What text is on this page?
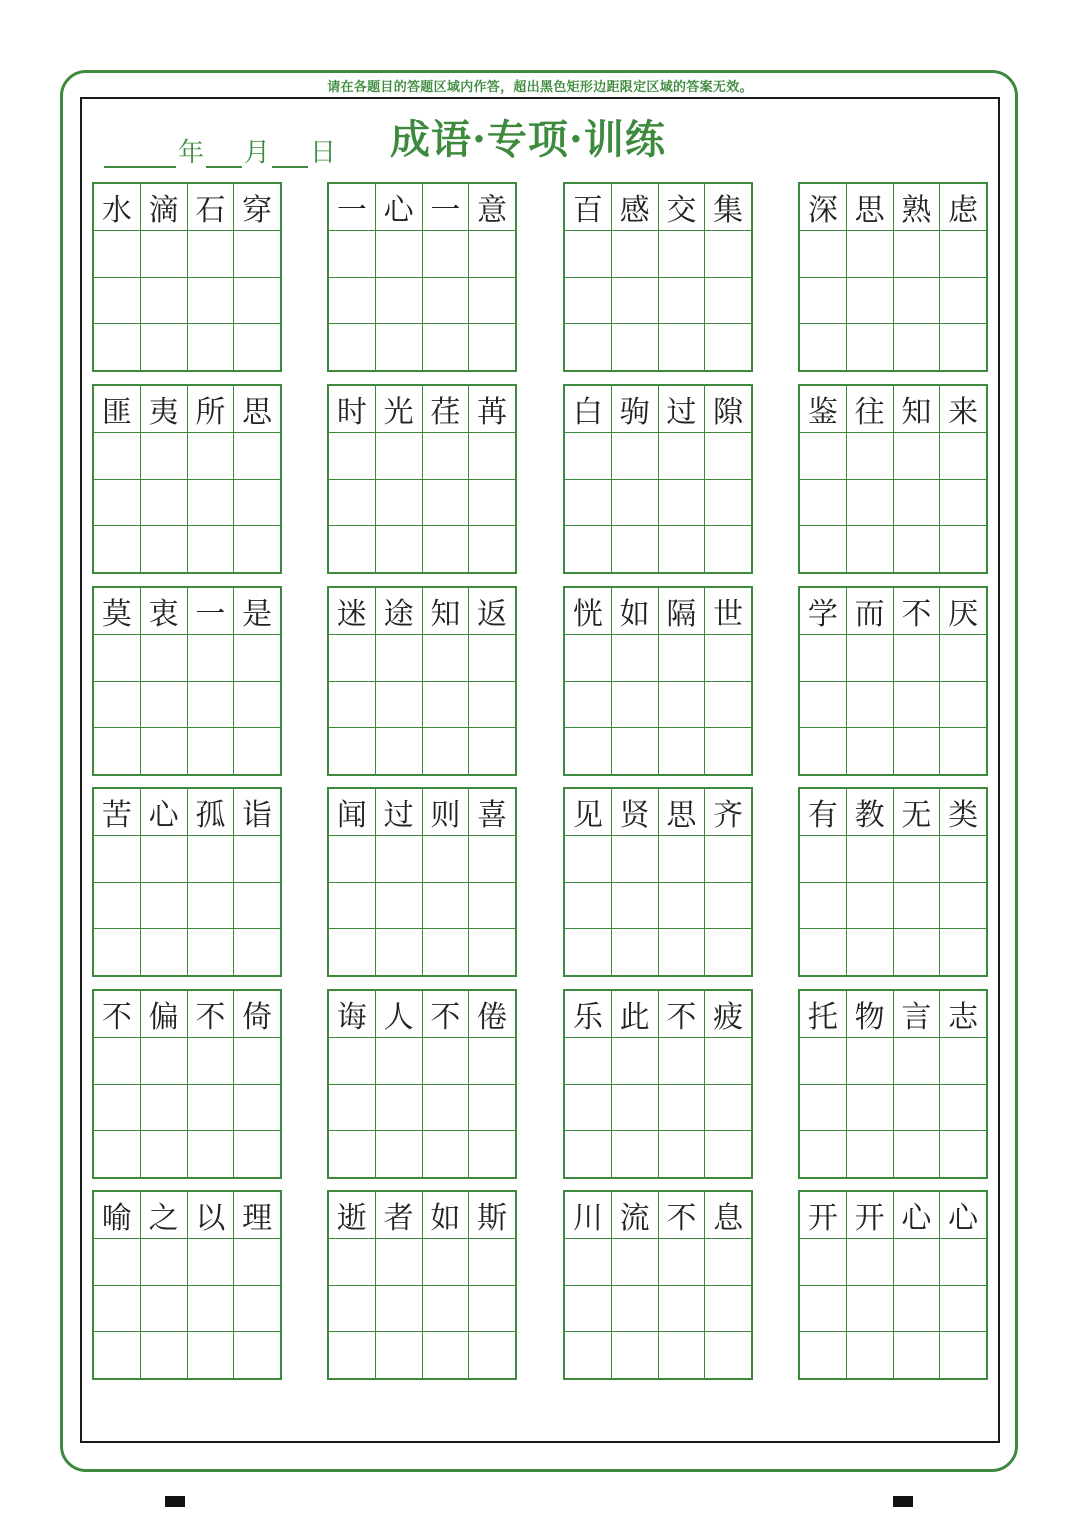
请在各题目的答题区域内作答，超出黑色矩形边距限定区域的答案无效。
年 月 日 成语·专项·训练
水 滴 石 穿 一 心 一 意 百 感 交 集 深 思 熟 虑
匪 夷 所 思 时 光 荏 苒 白 驹 过 隙 鉴 往 知 来
莫 衷 一 是 迷 途 知 返 恍 如 隔 世 学 而 不 厌
苦 心 孤 诣 闻 过 则 喜 见 贤 思 齐 有 教 无 类
不 偏 不 倚 诲 人 不 倦 乐 此 不 疲 托 物 言 志
喻 之 以 理 逝 者 如 斯 川 流 不 息 开 开 心 心
